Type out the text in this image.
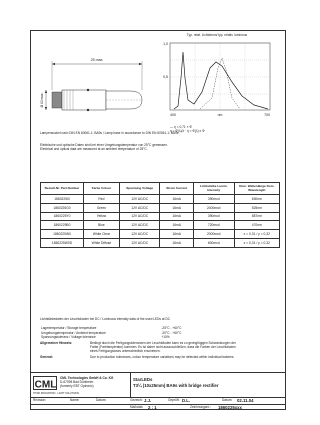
Typ. relat. Lichtstrom/ typ. relativ. luminous
1,0
0,5
400	700
nm
— η = 0,71 × Φ
η = Φ(λ)/λ · η = Φ(λ) x Φ
25 max.
Ø 10 max.
Lampensockel nach DIN EN 60061-1: BA9s / Lamp base in accordance to DIN EN 60061-1: BA9s
Elektrische und optische Daten sind bei einer Umgebungstemperatur von 25°C gemessen.
Electrical and optical data are measured at an ambient temperature of 25°C.
Bestell-Nr. Part Number	Farbe Colour	Spannung Voltage	Strom Current	Lichtstärke Lumin. Intensity	Dom. Wellenlänge Dom. Wavelength
1860225I0	Red	12V AC/DC	16mA	390mcd	630nm
1860225G0	Green	12V AC/DC	16mA	2400mcd	525nm
1860225Y0	Yellow	12V AC/DC	16mA	390mcd	587nm
1860225B0	Blue	12V AC/DC	16mA	720mcd	470nm
1860225W0	White Clear	12V AC/DC	16mA	2000mcd	x = 0,31 / y = 0,32
1860225W0D	White Diffuse	12V AC/DC	16mA	600mcd	x = 0,31 / y = 0,32
Lichtstärkedaten der Leuchtdioden bei DC / Luminous intensity data of the used LEDs at DC
Lagertemperatur / Storage temperature	-25°C - +60°C
Umgebungstemperatur / Ambient temperature	-20°C - +60°C
Spannungstoleranz / Voltage tolerance	+10%
Allgemeiner Hinweis:	Bedingt durch die Fertigungstoleranzen der Leuchtdioden kann es zu geringfügigen Schwankungen der Farbe (Farbtemperatur) kommen. Es ist daher nicht auszuschließen, dass die Farben der Leuchtdioden eines Fertigungsloses unterschiedlich erscheinen.
General:	Due to production tolerances, colour temperature variations may be detected within individual batches.
CML
THINK INNOVATION · LIGHT SOLUTIONS
CML Technologies GmbH & Co. KG
D-67098 Bad Dürkheim
(formerly EBT Optronic)
StarLEDs
T3¼ (10x25mm) BA9s with bridge rectifier
Gezeich: J.J.	Geprüft: D.L.	Datum: 02.11.04
Maßstab: 2 : 1	Zeichnungsnr.: 1860225xxx
Revision:	Name:	Datum:
